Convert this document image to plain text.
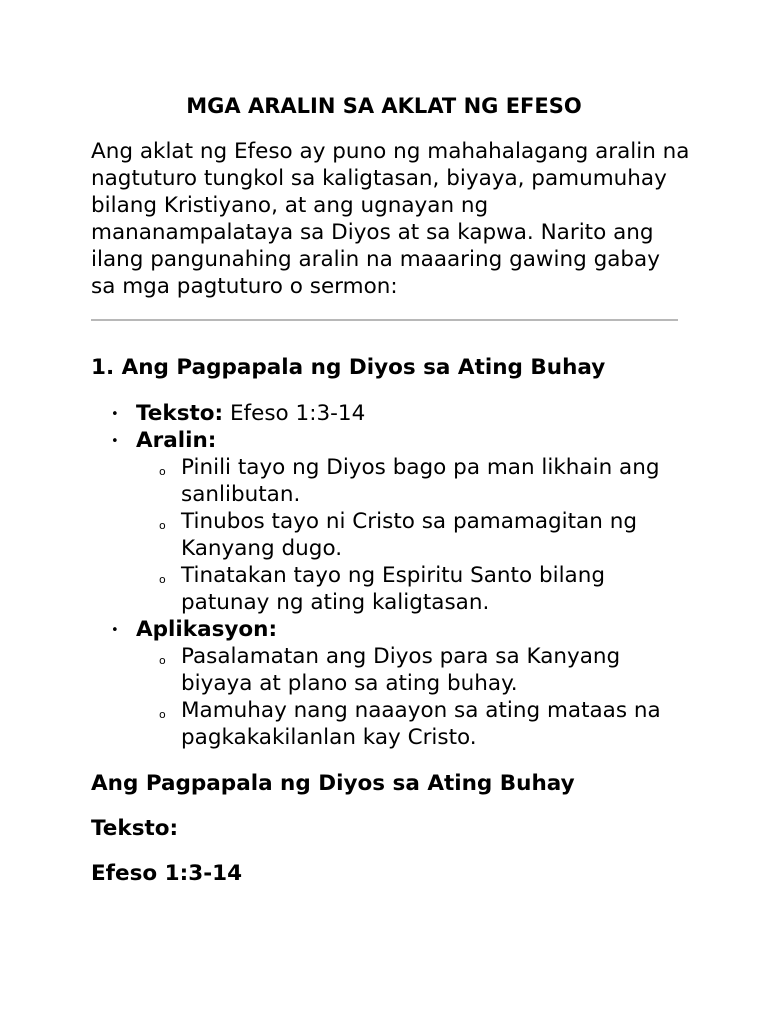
MGA ARALIN SA AKLAT NG EFESO

Ang aklat ng Efeso ay puno ng mahahalagang aralin na nagtuturo tungkol sa kaligtasan, biyaya, pamumuhay bilang Kristiyano, at ang ugnayan ng mananampalataya sa Diyos at sa kapwa. Narito ang ilang pangunahing aralin na maaaring gawing gabay sa mga pagtuturo o sermon:

1. Ang Pagpapala ng Diyos sa Ating Buhay
• Teksto: Efeso 1:3-14
• Aralin:
o Pinili tayo ng Diyos bago pa man likhain ang sanlibutan.
o Tinubos tayo ni Cristo sa pamamagitan ng Kanyang dugo.
o Tinatakan tayo ng Espiritu Santo bilang patunay ng ating kaligtasan.
• Aplikasyon:
o Pasalamatan ang Diyos para sa Kanyang biyaya at plano sa ating buhay.
o Mamuhay nang naaayon sa ating mataas na pagkakakilanlan kay Cristo.
Ang Pagpapala ng Diyos sa Ating Buhay
Teksto:
Efeso 1:3-14
